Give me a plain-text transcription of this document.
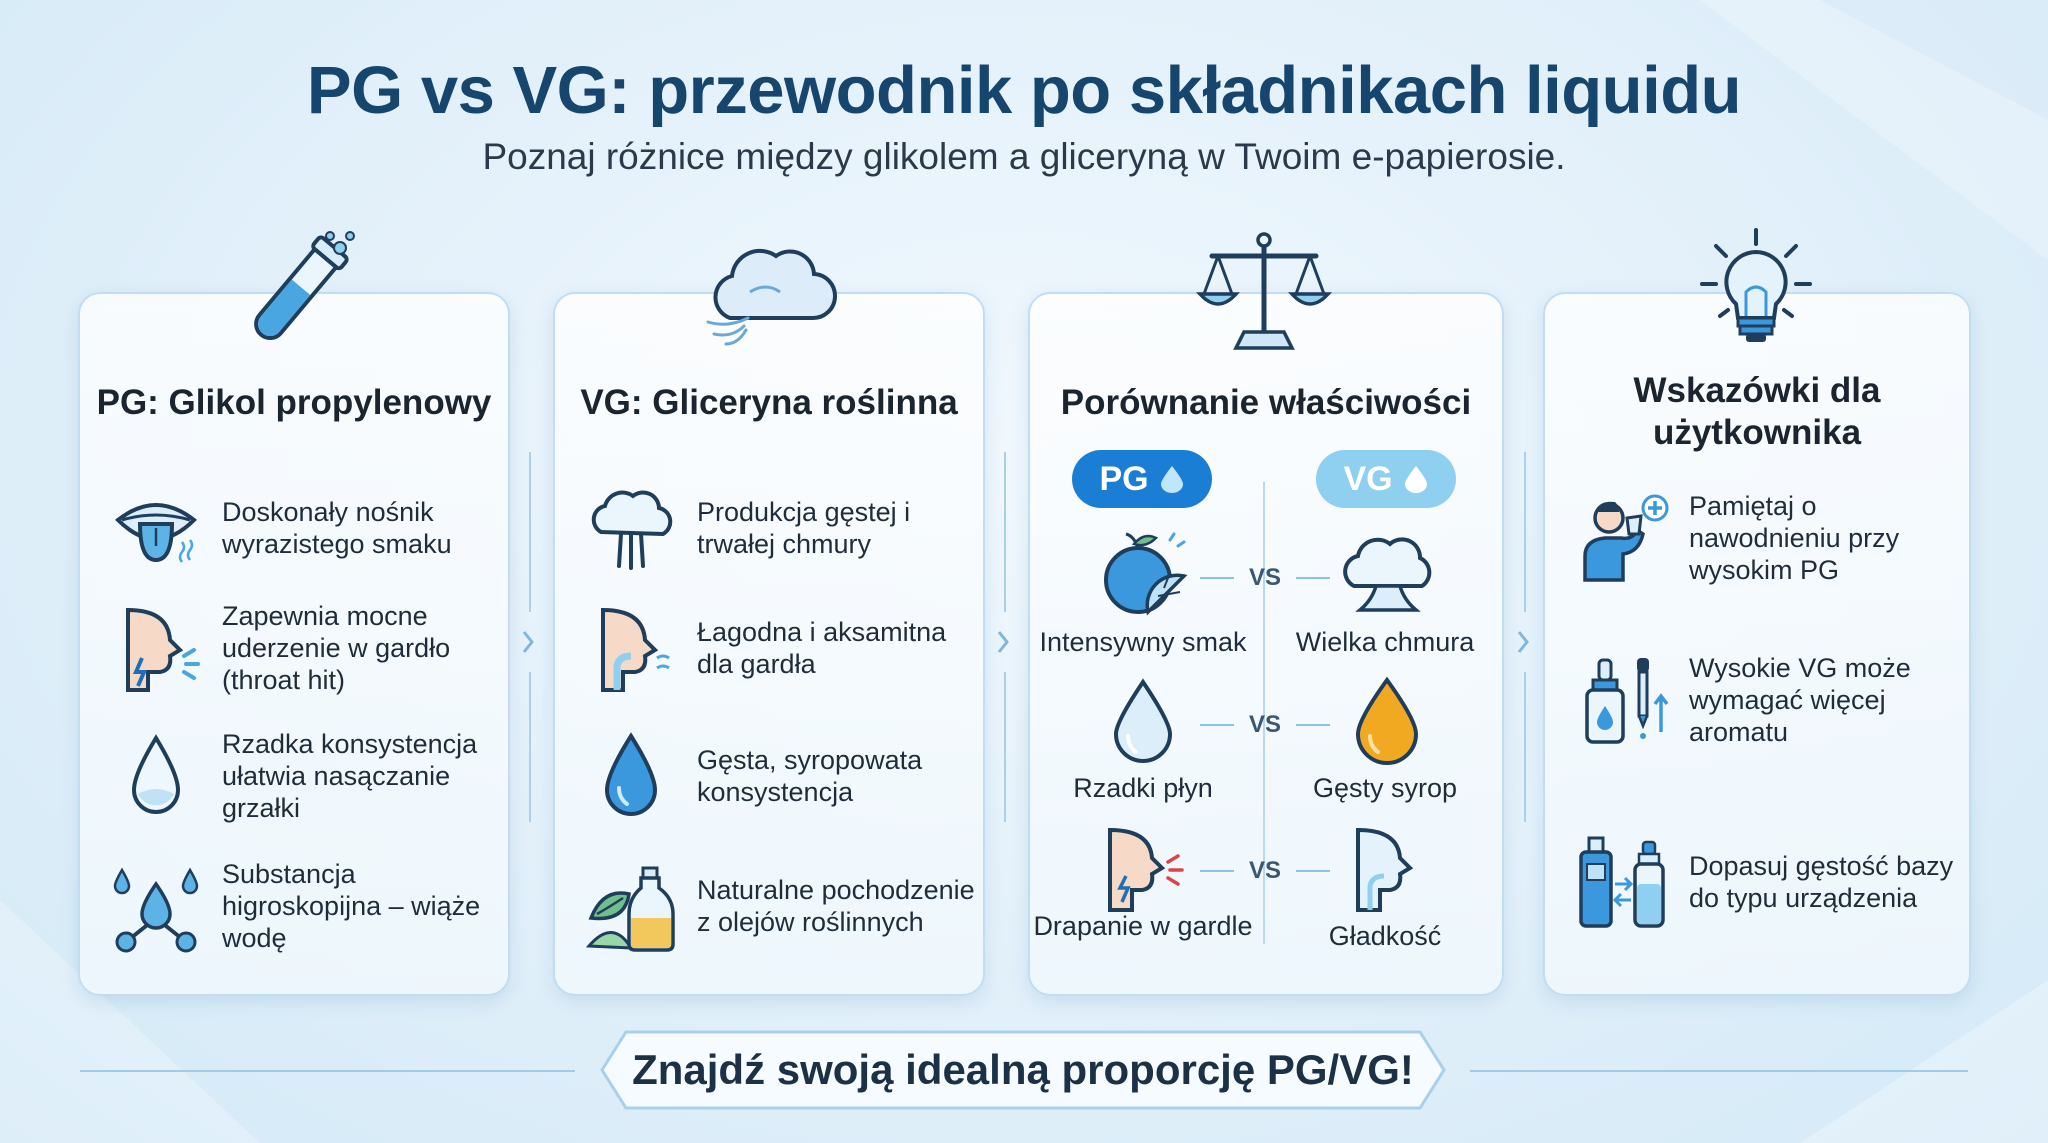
PG vs VG: przewodnik po składnikach liquidu
Poznaj różnice między glikolem a gliceryną w Twoim e-papierosie.
PG: Glikol propylenowy
Doskonały nośnik wyrazistego smaku
Zapewnia mocne uderzenie w gardło (throat hit)
Rzadka konsystencja ułatwia nasączanie grzałki
Substancja higroskopijna – wiąże wodę
VG: Gliceryna roślinna
Produkcja gęstej i trwałej chmury
Łagodna i aksamitna dla gardła
Gęsta, syropowata konsystencja
Naturalne pochodzenie z olejów roślinnych
Porównanie właściwości
PG	VG
VS
Intensywny smak	Wielka chmura
VS
Rzadki płyn	Gęsty syrop
VS
Drapanie w gardle	Gładkość
Wskazówki dla użytkownika
Pamiętaj o nawodnieniu przy wysokim PG
Wysokie VG może wymagać więcej aromatu
Dopasuj gęstość bazy do typu urządzenia
Znajdź swoją idealną proporcję PG/VG!
